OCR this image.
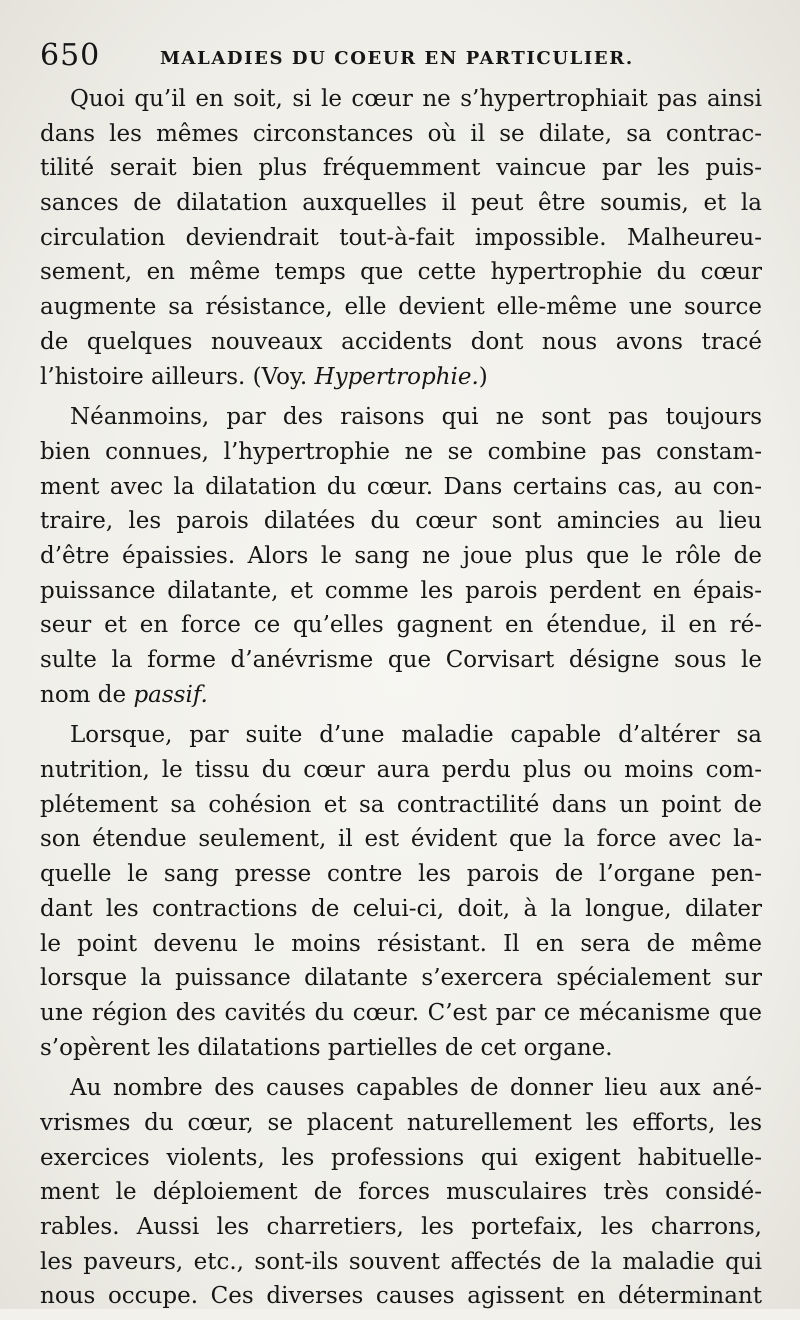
650	MALADIES DU COEUR EN PARTICULIER.
Quoi qu’il en soit, si le cœur ne s’hypertrophiait pas ainsi
dans les mêmes circonstances où il se dilate, sa contrac-
tilité serait bien plus fréquemment vaincue par les puis-
sances de dilatation auxquelles il peut être soumis, et la
circulation deviendrait tout-à-fait impossible. Malheureu-
sement, en même temps que cette hypertrophie du cœur
augmente sa résistance, elle devient elle-même une source
de quelques nouveaux accidents dont nous avons tracé
l’histoire ailleurs. (Voy. Hypertrophie.)
Néanmoins, par des raisons qui ne sont pas toujours
bien connues, l’hypertrophie ne se combine pas constam-
ment avec la dilatation du cœur. Dans certains cas, au con-
traire, les parois dilatées du cœur sont amincies au lieu
d’être épaissies. Alors le sang ne joue plus que le rôle de
puissance dilatante, et comme les parois perdent en épais-
seur et en force ce qu’elles gagnent en étendue, il en ré-
sulte la forme d’anévrisme que Corvisart désigne sous le
nom de passif.
Lorsque, par suite d’une maladie capable d’altérer sa
nutrition, le tissu du cœur aura perdu plus ou moins com-
plétement sa cohésion et sa contractilité dans un point de
son étendue seulement, il est évident que la force avec la-
quelle le sang presse contre les parois de l’organe pen-
dant les contractions de celui-ci, doit, à la longue, dilater
le point devenu le moins résistant. Il en sera de même
lorsque la puissance dilatante s’exercera spécialement sur
une région des cavités du cœur. C’est par ce mécanisme que
s’opèrent les dilatations partielles de cet organe.
Au nombre des causes capables de donner lieu aux ané-
vrismes du cœur, se placent naturellement les efforts, les
exercices violents, les professions qui exigent habituelle-
ment le déploiement de forces musculaires très considé-
rables. Aussi les charretiers, les portefaix, les charrons,
les paveurs, etc., sont-ils souvent affectés de la maladie qui
nous occupe. Ces diverses causes agissent en déterminant
